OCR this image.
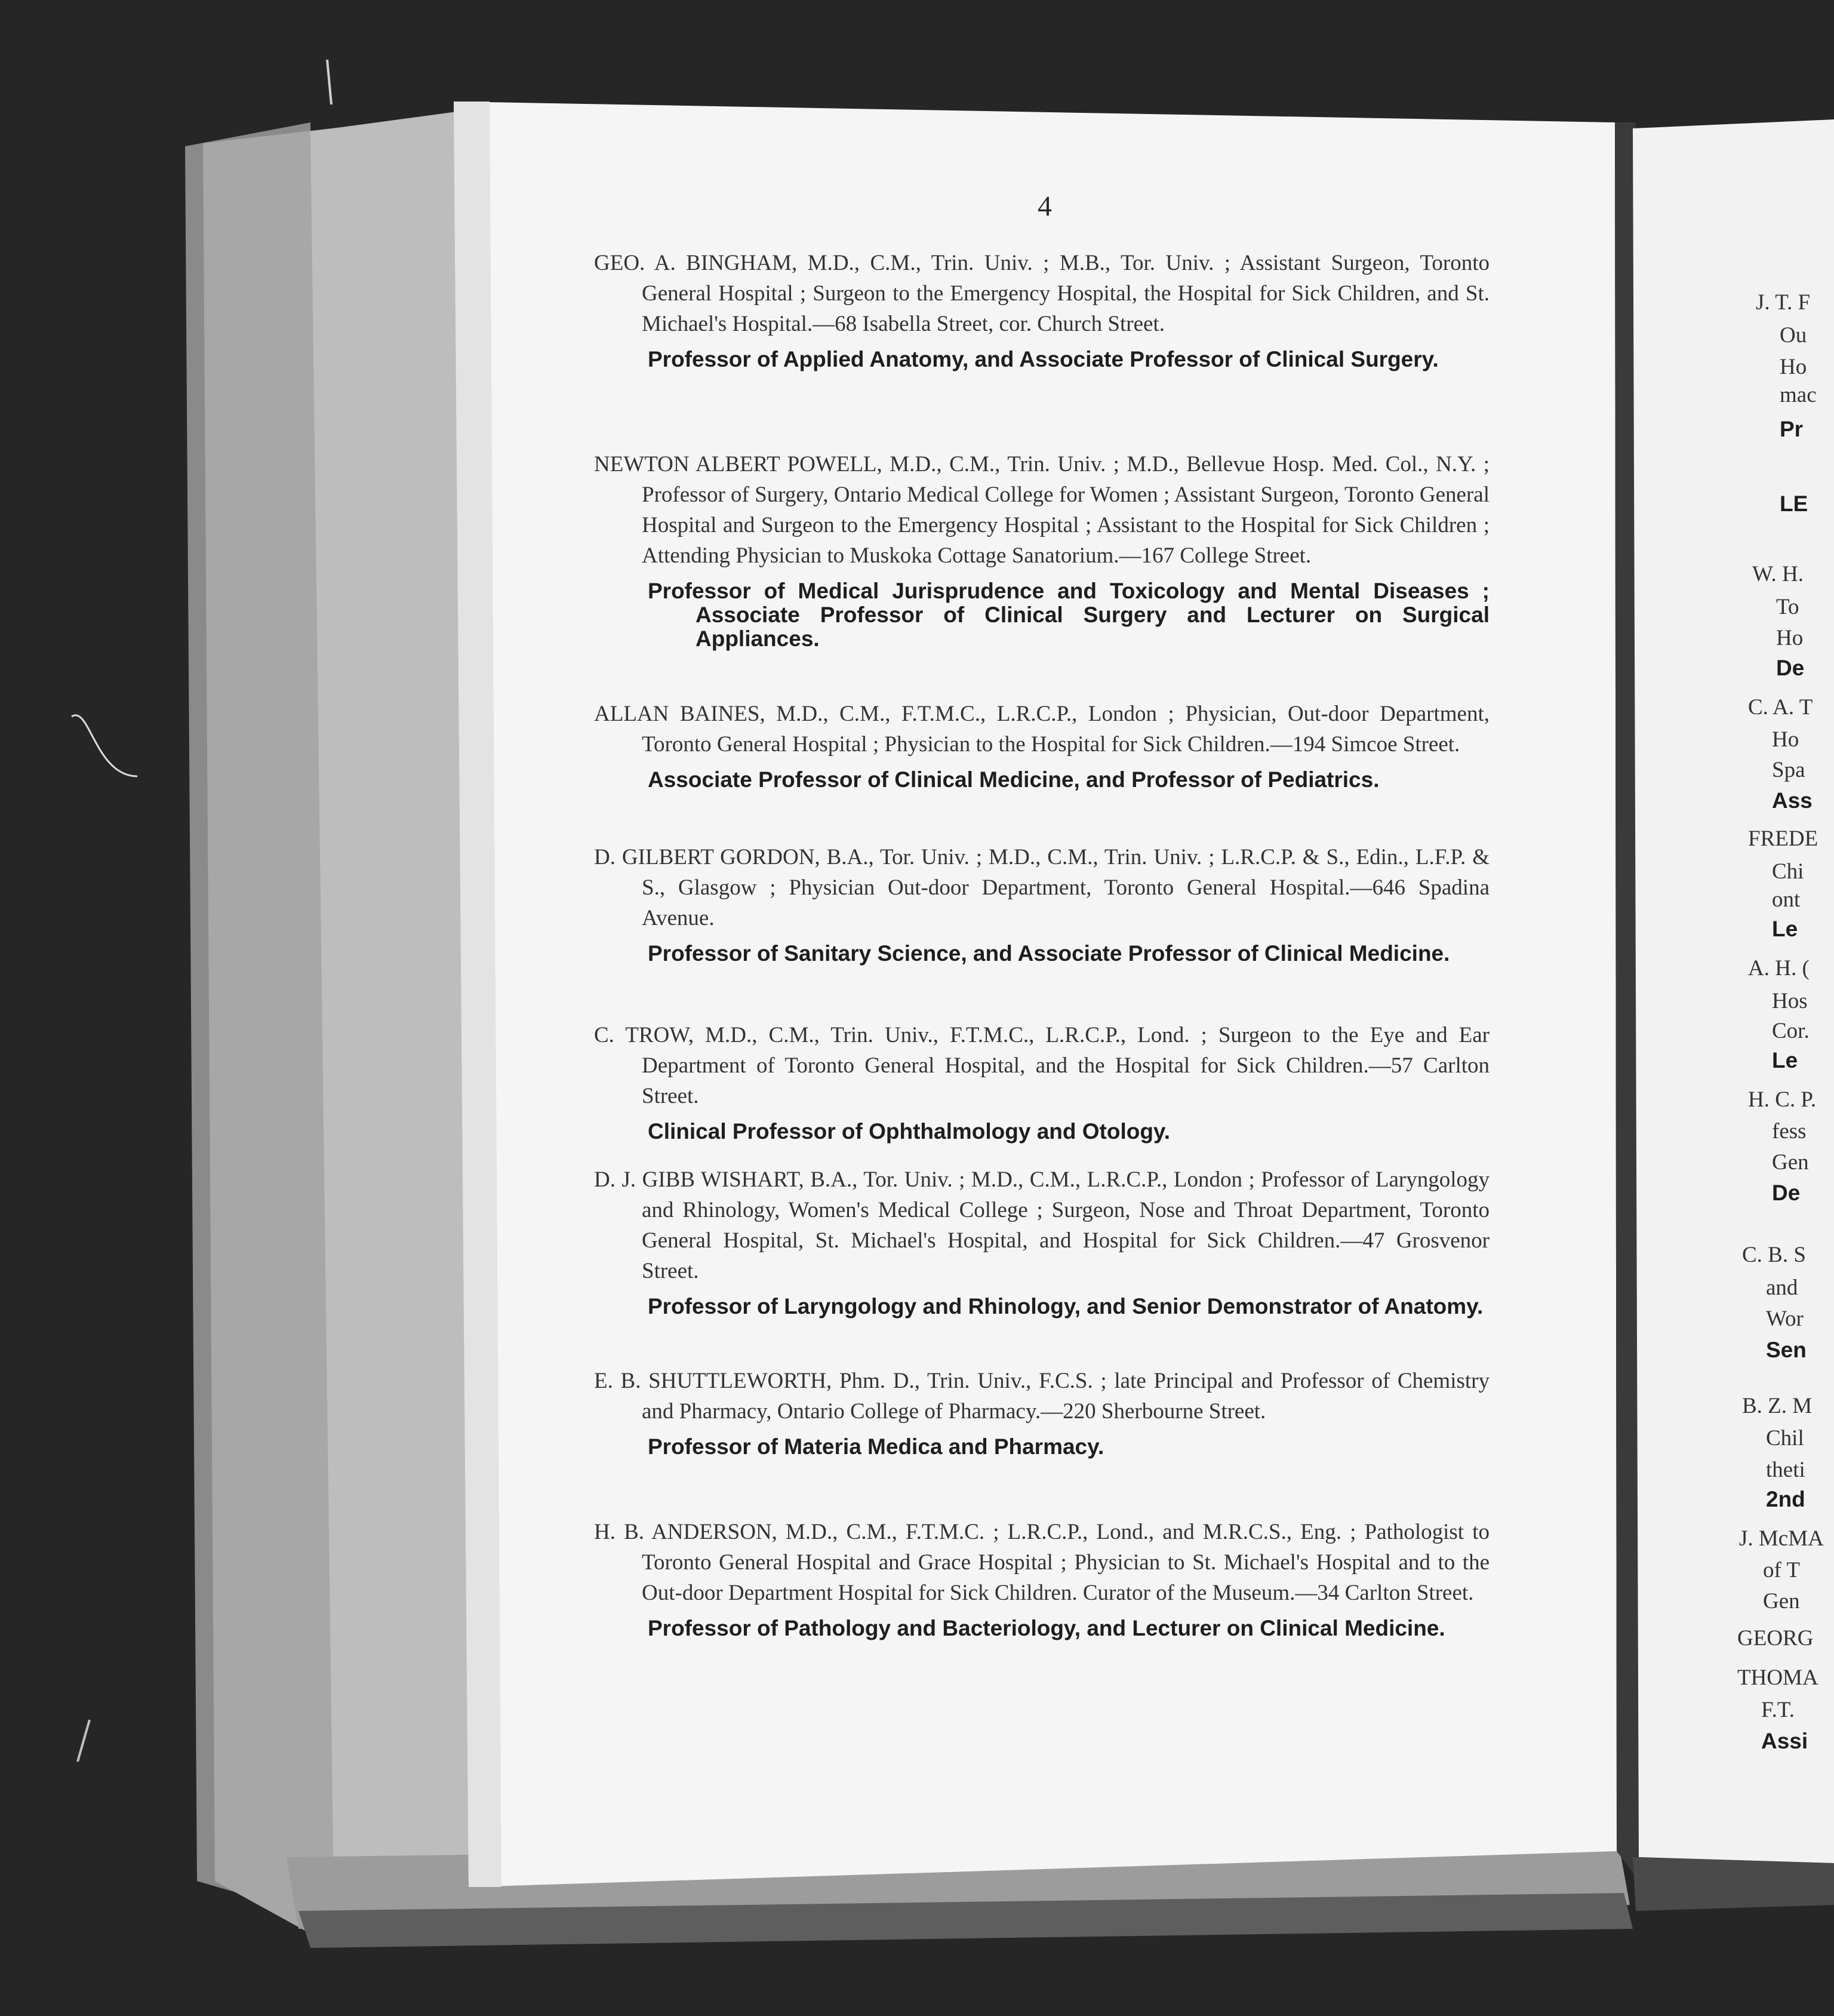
4
GEO. A. BINGHAM, M.D., C.M., Trin. Univ. ; M.B., Tor. Univ. ; Assistant Surgeon, Toronto General Hospital ; Surgeon to the Emergency Hospital, the Hospital for Sick Children, and St. Michael's Hospital.—68 Isabella Street, cor. Church Street.
Professor of Applied Anatomy, and Associate Professor of Clinical Surgery.
NEWTON ALBERT POWELL, M.D., C.M., Trin. Univ. ; M.D., Bellevue Hosp. Med. Col., N.Y. ; Professor of Surgery, Ontario Medical College for Women ; Assistant Surgeon, Toronto General Hospital and Surgeon to the Emergency Hospital ; Assistant to the Hospital for Sick Children ; Attending Physician to Muskoka Cottage Sanatorium.—167 College Street.
Professor of Medical Jurisprudence and Toxicology and Mental Diseases ; Associate Professor of Clinical Surgery and Lecturer on Surgical Appliances.
ALLAN BAINES, M.D., C.M., F.T.M.C., L.R.C.P., London ; Physician, Out-door Department, Toronto General Hospital ; Physician to the Hospital for Sick Children.—194 Simcoe Street.
Associate Professor of Clinical Medicine, and Professor of Pediatrics.
D. GILBERT GORDON, B.A., Tor. Univ. ; M.D., C.M., Trin. Univ. ; L.R.C.P. & S., Edin., L.F.P. & S., Glasgow ; Physician Out-door Department, Toronto General Hospital.—646 Spadina Avenue.
Professor of Sanitary Science, and Associate Professor of Clinical Medicine.
C. TROW, M.D., C.M., Trin. Univ., F.T.M.C., L.R.C.P., Lond. ; Surgeon to the Eye and Ear Department of Toronto General Hospital, and the Hospital for Sick Children.—57 Carlton Street.
Clinical Professor of Ophthalmology and Otology.
D. J. GIBB WISHART, B.A., Tor. Univ. ; M.D., C.M., L.R.C.P., London ; Professor of Laryngology and Rhinology, Women's Medical College ; Surgeon, Nose and Throat Department, Toronto General Hospital, St. Michael's Hospital, and Hospital for Sick Children.—47 Grosvenor Street.
Professor of Laryngology and Rhinology, and Senior Demonstrator of Anatomy.
E. B. SHUTTLEWORTH, Phm. D., Trin. Univ., F.C.S. ; late Principal and Professor of Chemistry and Pharmacy, Ontario College of Pharmacy.—220 Sherbourne Street.
Professor of Materia Medica and Pharmacy.
H. B. ANDERSON, M.D., C.M., F.T.M.C. ; L.R.C.P., Lond., and M.R.C.S., Eng. ; Pathologist to Toronto General Hospital and Grace Hospital ; Physician to St. Michael's Hospital and to the Out-door Department Hospital for Sick Children. Curator of the Museum.—34 Carlton Street.
Professor of Pathology and Bacteriology, and Lecturer on Clinical Medicine.
J. T. F
Ou
Ho
mac
Pr
LE
W. H.
To
Ho
De
C. A. T
Ho
Spa
Ass
FREDE
Chi
ont
Le
A. H. (
Hos
Cor.
Le
H. C. P.
fess
Gen
De
C. B. S
and
Wor
Sen
B. Z. M
Chil
theti
2nd
J. McMA
of T
Gen
GEORG
THOMA
F.T.
Assi
